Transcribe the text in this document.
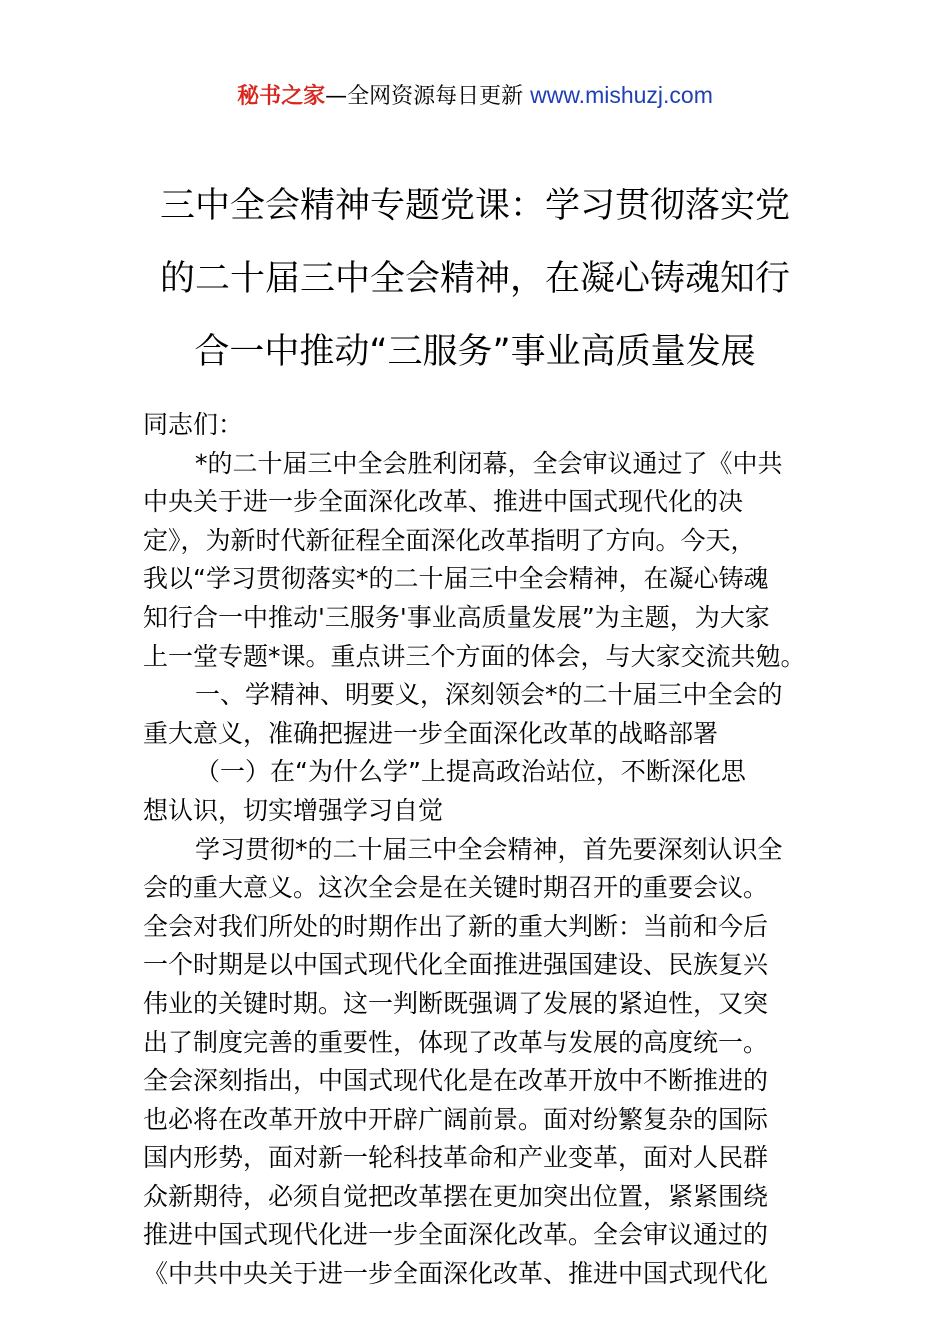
秘书之家—全网资源每日更新 www.mishuzj.com
三中全会精神专题党课：学习贯彻落实党
的二十届三中全会精神，在凝心铸魂知行
合一中推动“三服务”事业高质量发展
同志们：
*的二十届三中全会胜利闭幕，全会审议通过了《中共
中央关于进一步全面深化改革、推进中国式现代化的决
定》，为新时代新征程全面深化改革指明了方向。今天，
我以“学习贯彻落实*的二十届三中全会精神，在凝心铸魂
知行合一中推动'三服务'事业高质量发展”为主题，为大家
上一堂专题*课。重点讲三个方面的体会，与大家交流共勉。
一、学精神、明要义，深刻领会*的二十届三中全会的
重大意义，准确把握进一步全面深化改革的战略部署
（一）在“为什么学”上提高政治站位，不断深化思
想认识，切实增强学习自觉
学习贯彻*的二十届三中全会精神，首先要深刻认识全
会的重大意义。这次全会是在关键时期召开的重要会议。
全会对我们所处的时期作出了新的重大判断：当前和今后
一个时期是以中国式现代化全面推进强国建设、民族复兴
伟业的关键时期。这一判断既强调了发展的紧迫性，又突
出了制度完善的重要性，体现了改革与发展的高度统一。
全会深刻指出，中国式现代化是在改革开放中不断推进的
也必将在改革开放中开辟广阔前景。面对纷繁复杂的国际
国内形势，面对新一轮科技革命和产业变革，面对人民群
众新期待，必须自觉把改革摆在更加突出位置，紧紧围绕
推进中国式现代化进一步全面深化改革。全会审议通过的
《中共中央关于进一步全面深化改革、推进中国式现代化
